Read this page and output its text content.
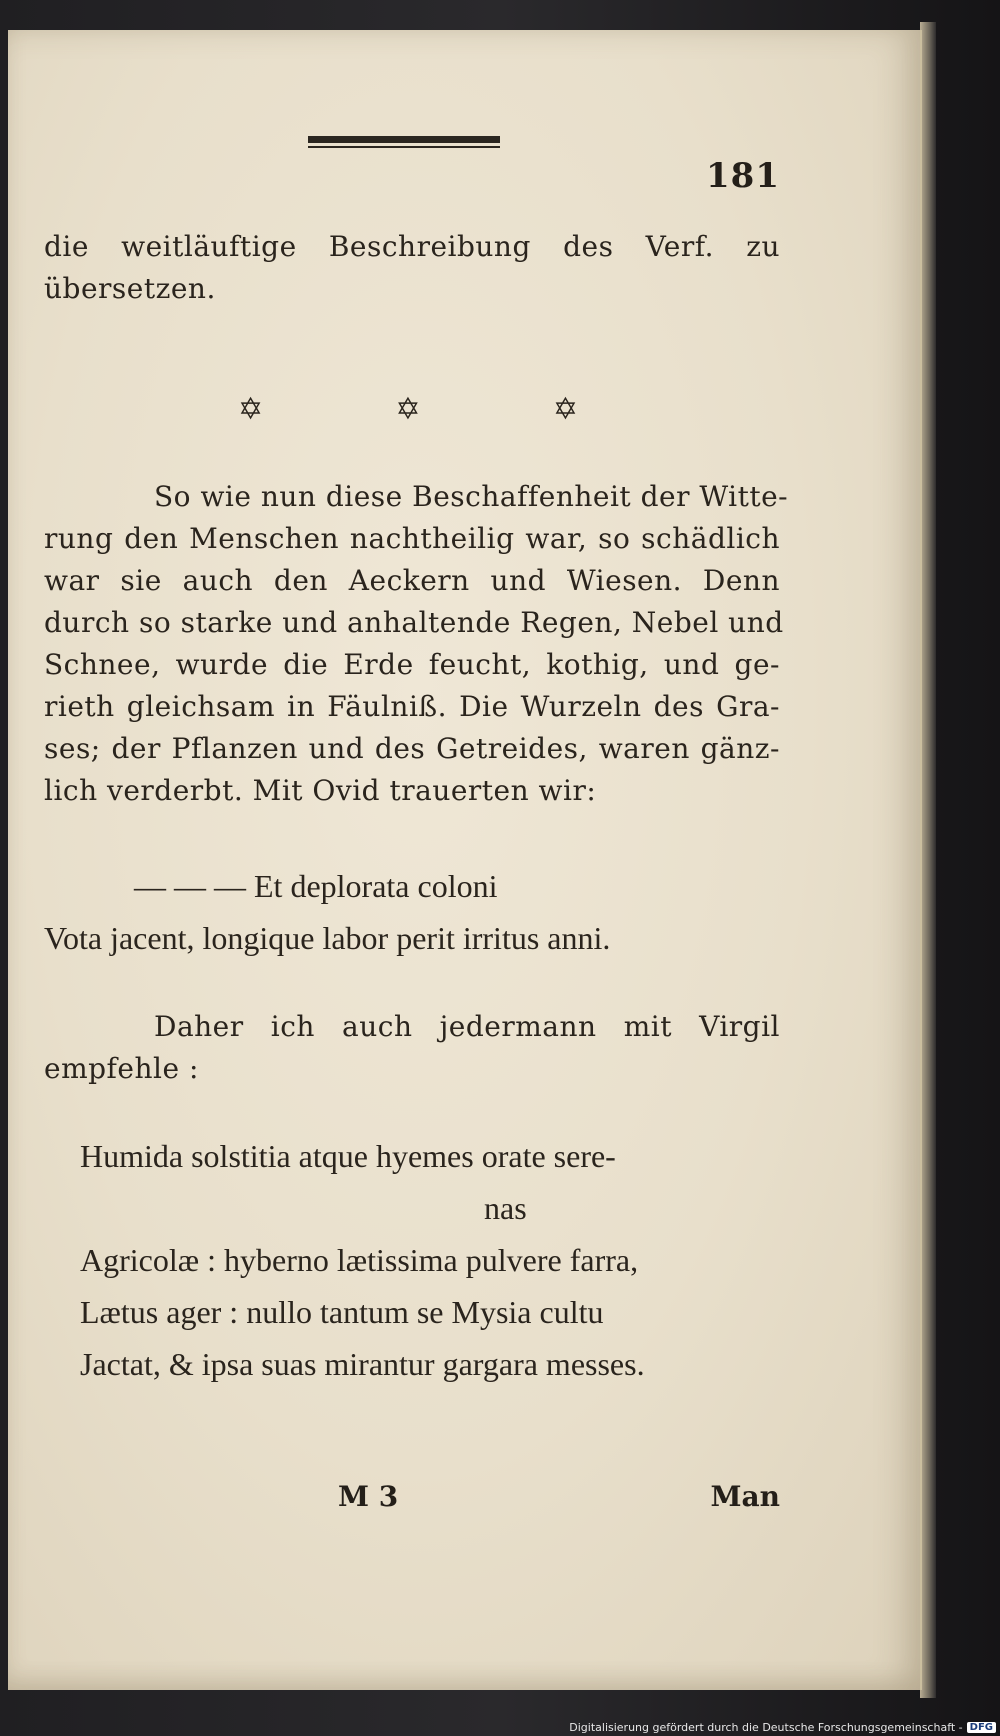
181
die weitläuftige Beschreibung des Verf. zu
übersetzen.
✡	✡	✡
So wie nun diese Beschaffenheit der Witte-
rung den Menschen nachtheilig war, so schädlich
war sie auch den Aeckern und Wiesen. Denn
durch so starke und anhaltende Regen, Nebel und
Schnee, wurde die Erde feucht, kothig, und ge-
rieth gleichsam in Fäulniß. Die Wurzeln des Gra-
ses; der Pflanzen und des Getreides, waren gänz-
lich verderbt. Mit Ovid trauerten wir:
— — — Et deplorata coloni
Vota jacent, longique labor perit irritus anni.
Daher ich auch jedermann mit Virgil
empfehle :
Humida solstitia atque hyemes orate sere-
nas
Agricolæ : hyberno lætissima pulvere farra,
Lætus ager : nullo tantum se Mysia cultu
Jactat, & ipsa suas mirantur gargara messes.
M 3	Man
Digitalisierung gefördert durch die Deutsche Forschungsgemeinschaft - DFG
